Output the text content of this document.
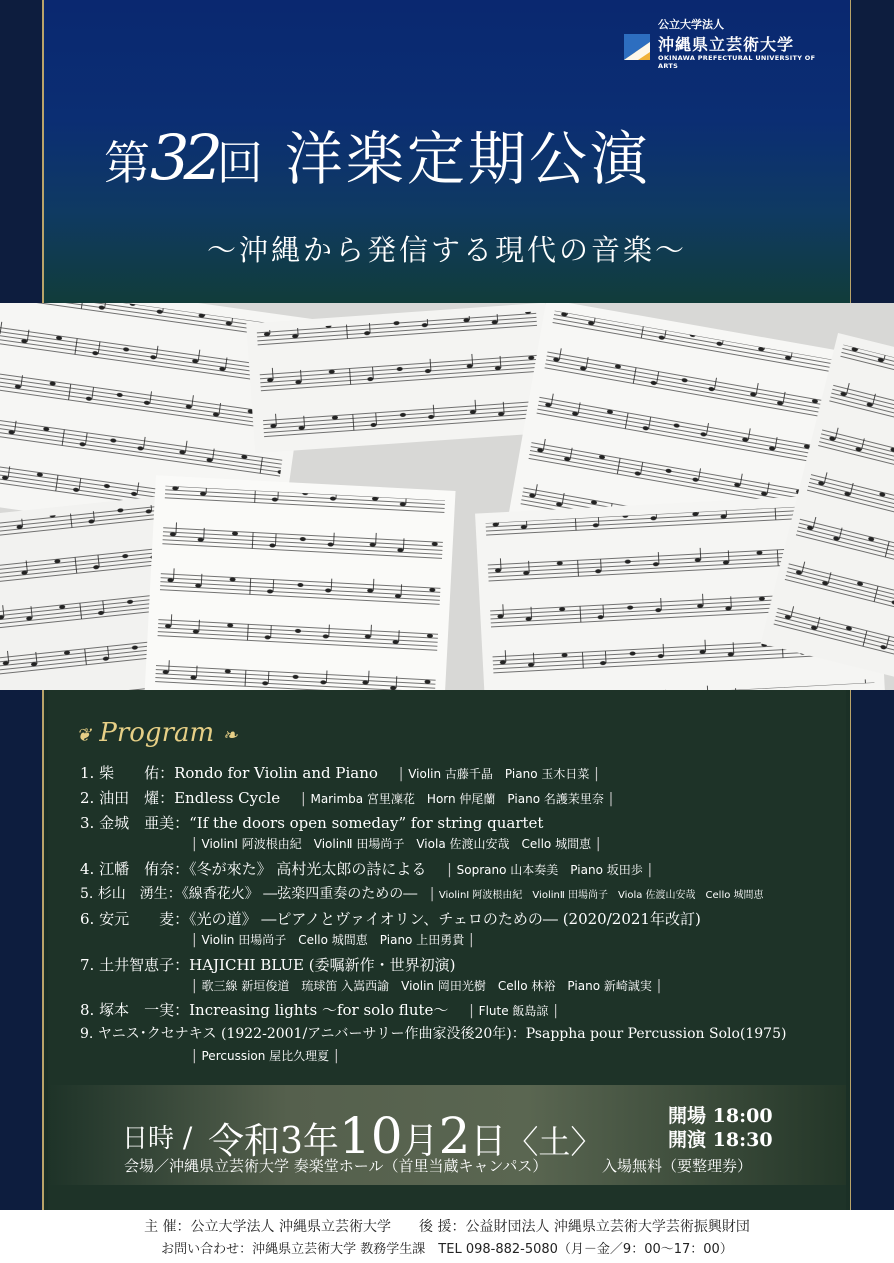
公立大学法人
沖縄県立芸術大学
OKINAWA PREFECTURAL UNIVERSITY OF ARTS
第32回 洋楽定期公演
～沖縄から発信する現代の音楽～
❦ Program ❧
1. 柴　　佑：Rondo for Violin and Piano | Violin 古藤千晶　Piano 玉木日菜 |
2. 油田　燿：Endless Cycle | Marimba 宮里凜花　Horn 仲尾蘭　Piano 名護茉里奈 |
3. 金城　亜美：“If the doors open someday” for string quartet
| ViolinⅠ 阿波根由紀　ViolinⅡ 田場尚子　Viola 佐渡山安哉　Cello 城間恵 |
4. 江幡　侑奈：《冬が來た》 高村光太郎の詩による | Soprano 山本奏美　Piano 坂田歩 |
5. 杉山　湧生：《線香花火》 ―弦楽四重奏のための― | ViolinⅠ 阿波根由紀　ViolinⅡ 田場尚子　Viola 佐渡山安哉　Cello 城間恵
6. 安元　　麦：《光の道》 ―ピアノとヴァイオリン、チェロのための― (2020/2021年改訂)
| Violin 田場尚子　Cello 城間恵　Piano 上田勇貴 |
7. 土井智恵子：HAJICHI BLUE (委嘱新作・世界初演)
| 歌三線 新垣俊道　琉球笛 入嵩西諭　Violin 岡田光樹　Cello 林裕　Piano 新崎誠実 |
8. 塚本　一実：Increasing lights ～for solo flute～ | Flute 飯島諒 |
9. ヤニス･クセナキス (1922-2001/アニバーサリー作曲家没後20年)：Psappha pour Percussion Solo(1975)
| Percussion 屋比久理夏 |
日時 / 令和3年10月2日〈土〉
開場 18:00
開演 18:30
会場／沖縄県立芸術大学 奏楽堂ホール（首里当蔵キャンパス）	入場無料（要整理券）
主 催：公立大学法人 沖縄県立芸術大学　　 後 援：公益財団法人 沖縄県立芸術大学芸術振興財団
お問い合わせ：沖縄県立芸術大学 教務学生課　TEL 098-882-5080（月－金／9：00～17：00）
